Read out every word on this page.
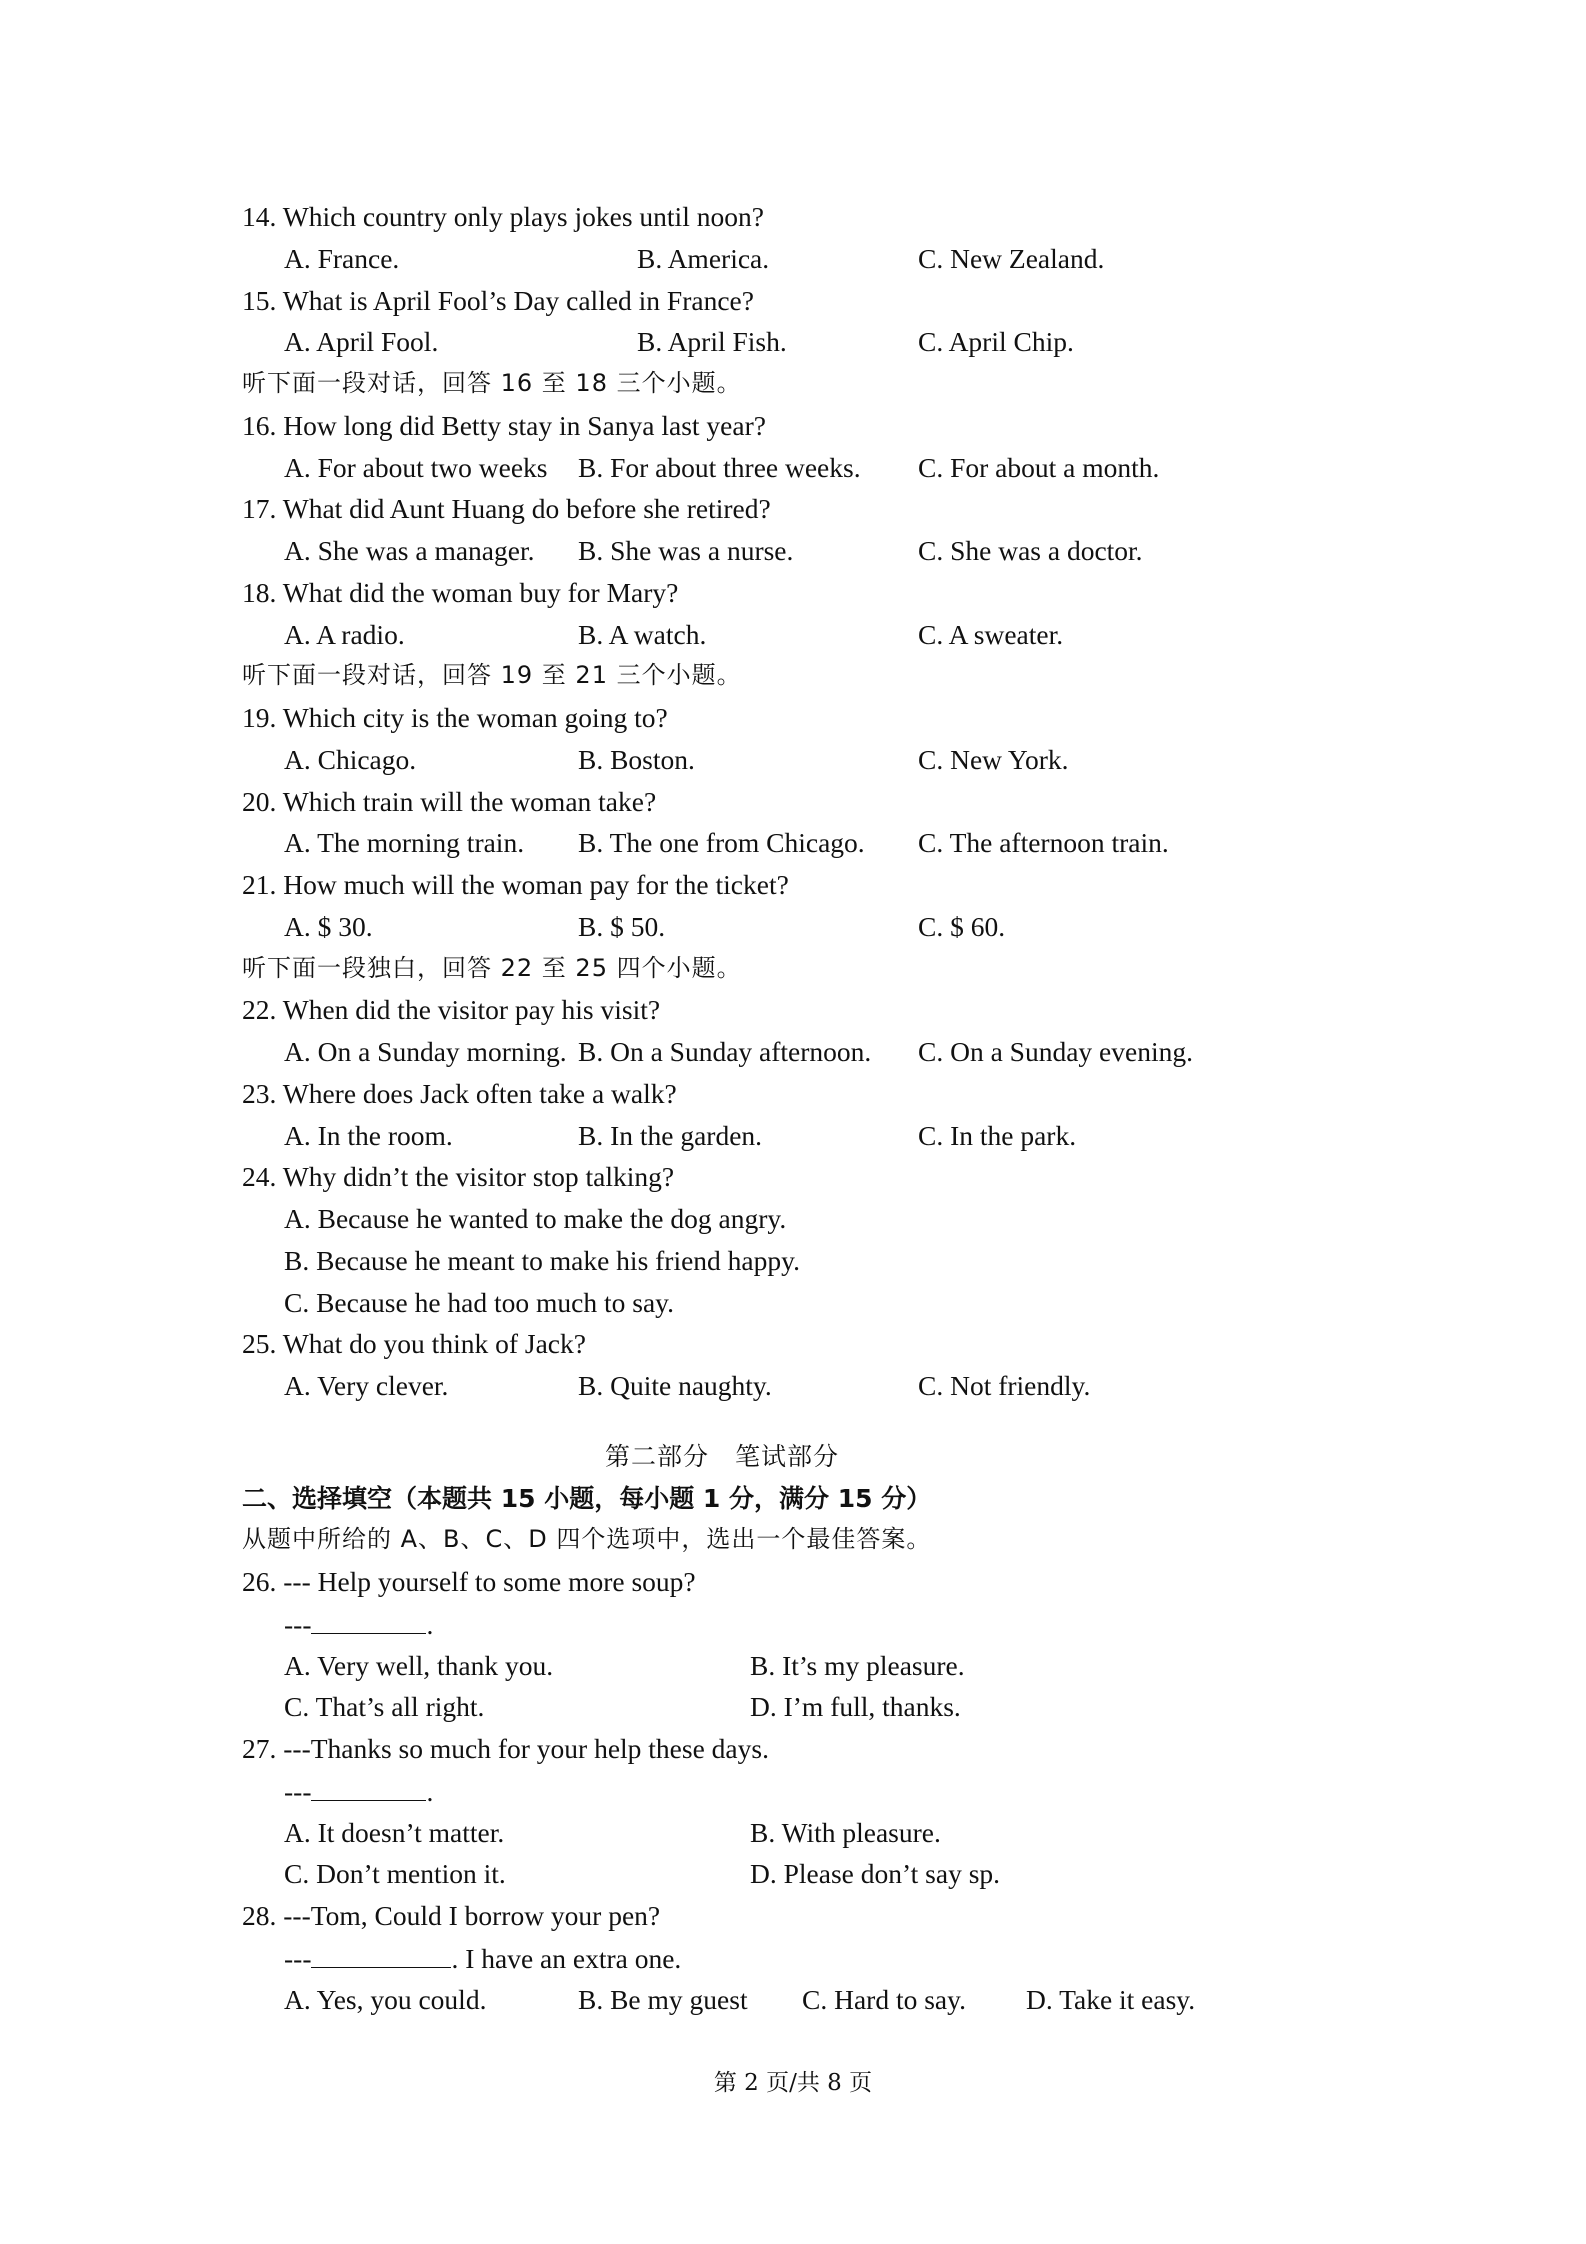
14. Which country only plays jokes until noon?
A. France.	B. America.	C. New Zealand.
15. What is April Fool’s Day called in France?
A. April Fool.	B. April Fish.	C. April Chip.
听下面一段对话，回答 16 至 18 三个小题。
16. How long did Betty stay in Sanya last year?
A. For about two weeks B. For about three weeks. C. For about a month.
17. What did Aunt Huang do before she retired?
A. She was a manager. B. She was a nurse.	C. She was a doctor.
18. What did the woman buy for Mary?
A. A radio.	B. A watch.	C. A sweater.
听下面一段对话，回答 19 至 21 三个小题。
19. Which city is the woman going to?
A. Chicago.	B. Boston.	C. New York.
20. Which train will the woman take?
A. The morning train. B. The one from Chicago. C. The afternoon train.
21. How much will the woman pay for the ticket?
A. $ 30.	B. $ 50.	C. $ 60.
听下面一段独白，回答 22 至 25 四个小题。
22. When did the visitor pay his visit?
A. On a Sunday morning. B. On a Sunday afternoon. C. On a Sunday evening.
23. Where does Jack often take a walk?
A. In the room.	B. In the garden.	C. In the park.
24. Why didn’t the visitor stop talking?
A. Because he wanted to make the dog angry.
B. Because he meant to make his friend happy.
C. Because he had too much to say.
25. What do you think of Jack?
A. Very clever.	B. Quite naughty.	C. Not friendly.
第二部分　笔试部分
二、选择填空（本题共 15 小题，每小题 1 分，满分 15 分）
从题中所给的 A、B、C、D 四个选项中，选出一个最佳答案。
26. --- Help yourself to some more soup?
---	.
A. Very well, thank you.	B. It’s my pleasure.
C. That’s all right.	D. I’m full, thanks.
27. ---Thanks so much for your help these days.
---	.
A. It doesn’t matter.	B. With pleasure.
C. Don’t mention it.	D. Please don’t say sp.
28. ---Tom, Could I borrow your pen?
---	. I have an extra one.
A. Yes, you could.	B. Be my guest C. Hard to say. D. Take it easy.
第 2 页/共 8 页
